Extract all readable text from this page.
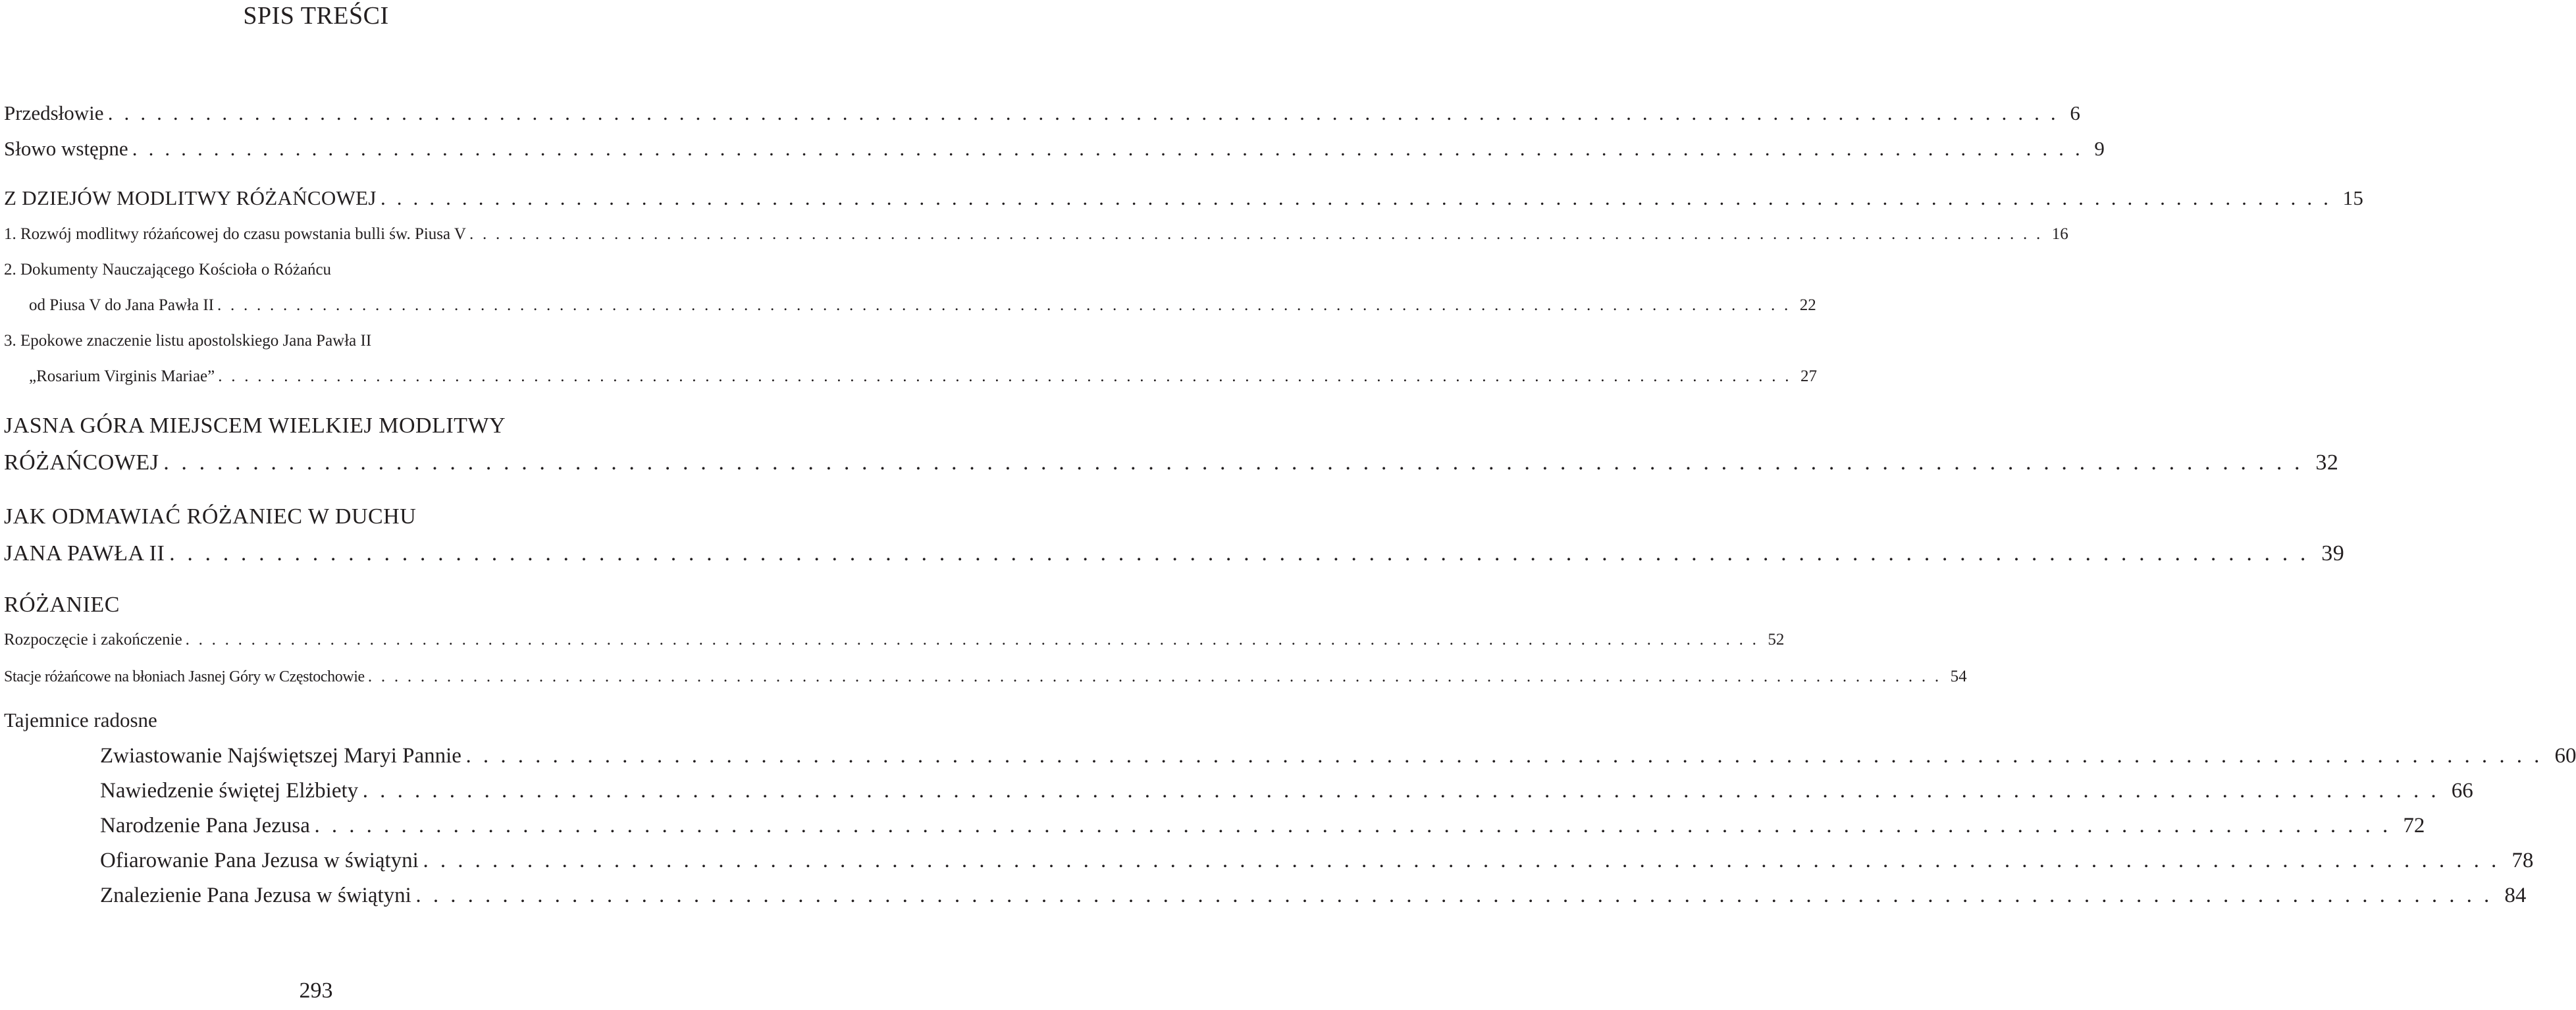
SPIS TREŚCI
Przedsłowie ........................................................................................................................ 6
Słowo wstępne ........................................................................................................................ 9
Z DZIEJÓW MODLITWY RÓŻAŃCOWEJ ........................................................................................................................ 15
1. Rozwój modlitwy różańcowej do czasu powstania bulli św. Piusa V ........................................................................................................................ 16
2. Dokumenty Nauczającego Kościoła o Różańcu
od Piusa V do Jana Pawła II ........................................................................................................................ 22
3. Epokowe znaczenie listu apostolskiego Jana Pawła II
„Rosarium Virginis Mariae” ........................................................................................................................ 27
JASNA GÓRA MIEJSCEM WIELKIEJ MODLITWY
RÓŻAŃCOWEJ ........................................................................................................................ 32
JAK ODMAWIAĆ RÓŻANIEC W DUCHU
JANA PAWŁA II ........................................................................................................................ 39
RÓŻANIEC
Rozpoczęcie i zakończenie ........................................................................................................................ 52
Stacje różańcowe na błoniach Jasnej Góry w Częstochowie ........................................................................................................................ 54
Tajemnice radosne
Zwiastowanie Najświętszej Maryi Pannie ........................................................................................................................ 60
Nawiedzenie świętej Elżbiety ........................................................................................................................ 66
Narodzenie Pana Jezusa ........................................................................................................................ 72
Ofiarowanie Pana Jezusa w świątyni ........................................................................................................................ 78
Znalezienie Pana Jezusa w świątyni ........................................................................................................................ 84
293
